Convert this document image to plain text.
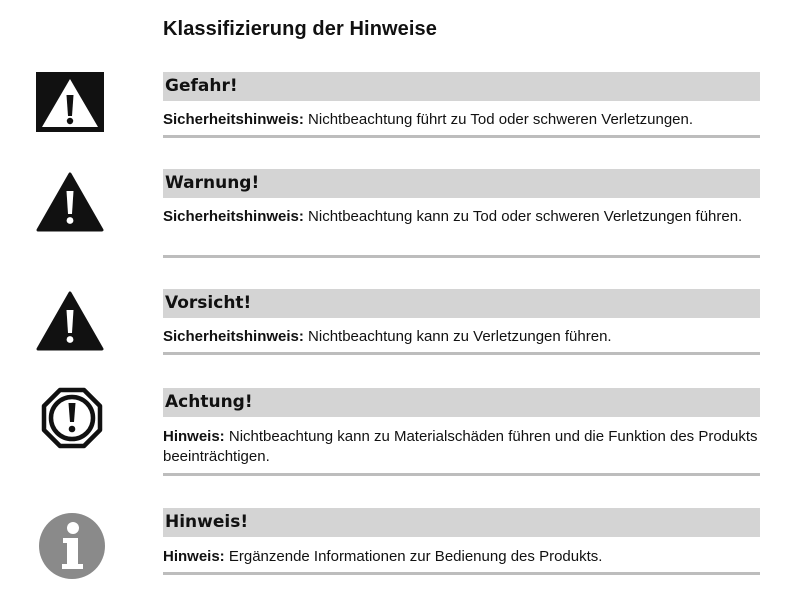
Klassifizierung der Hinweise
Gefahr!
Sicherheitshinweis: Nichtbeachtung führt zu Tod oder schweren Verletzungen.
Warnung!
Sicherheitshinweis: Nichtbeachtung kann zu Tod oder schweren Verletzungen führen.
Vorsicht!
Sicherheitshinweis: Nichtbeachtung kann zu Verletzungen führen.
Achtung!
Hinweis: Nichtbeachtung kann zu Materialschäden führen und die Funktion des Produkts beeinträchtigen.
Hinweis!
Hinweis: Ergänzende Informationen zur Bedienung des Produkts.
